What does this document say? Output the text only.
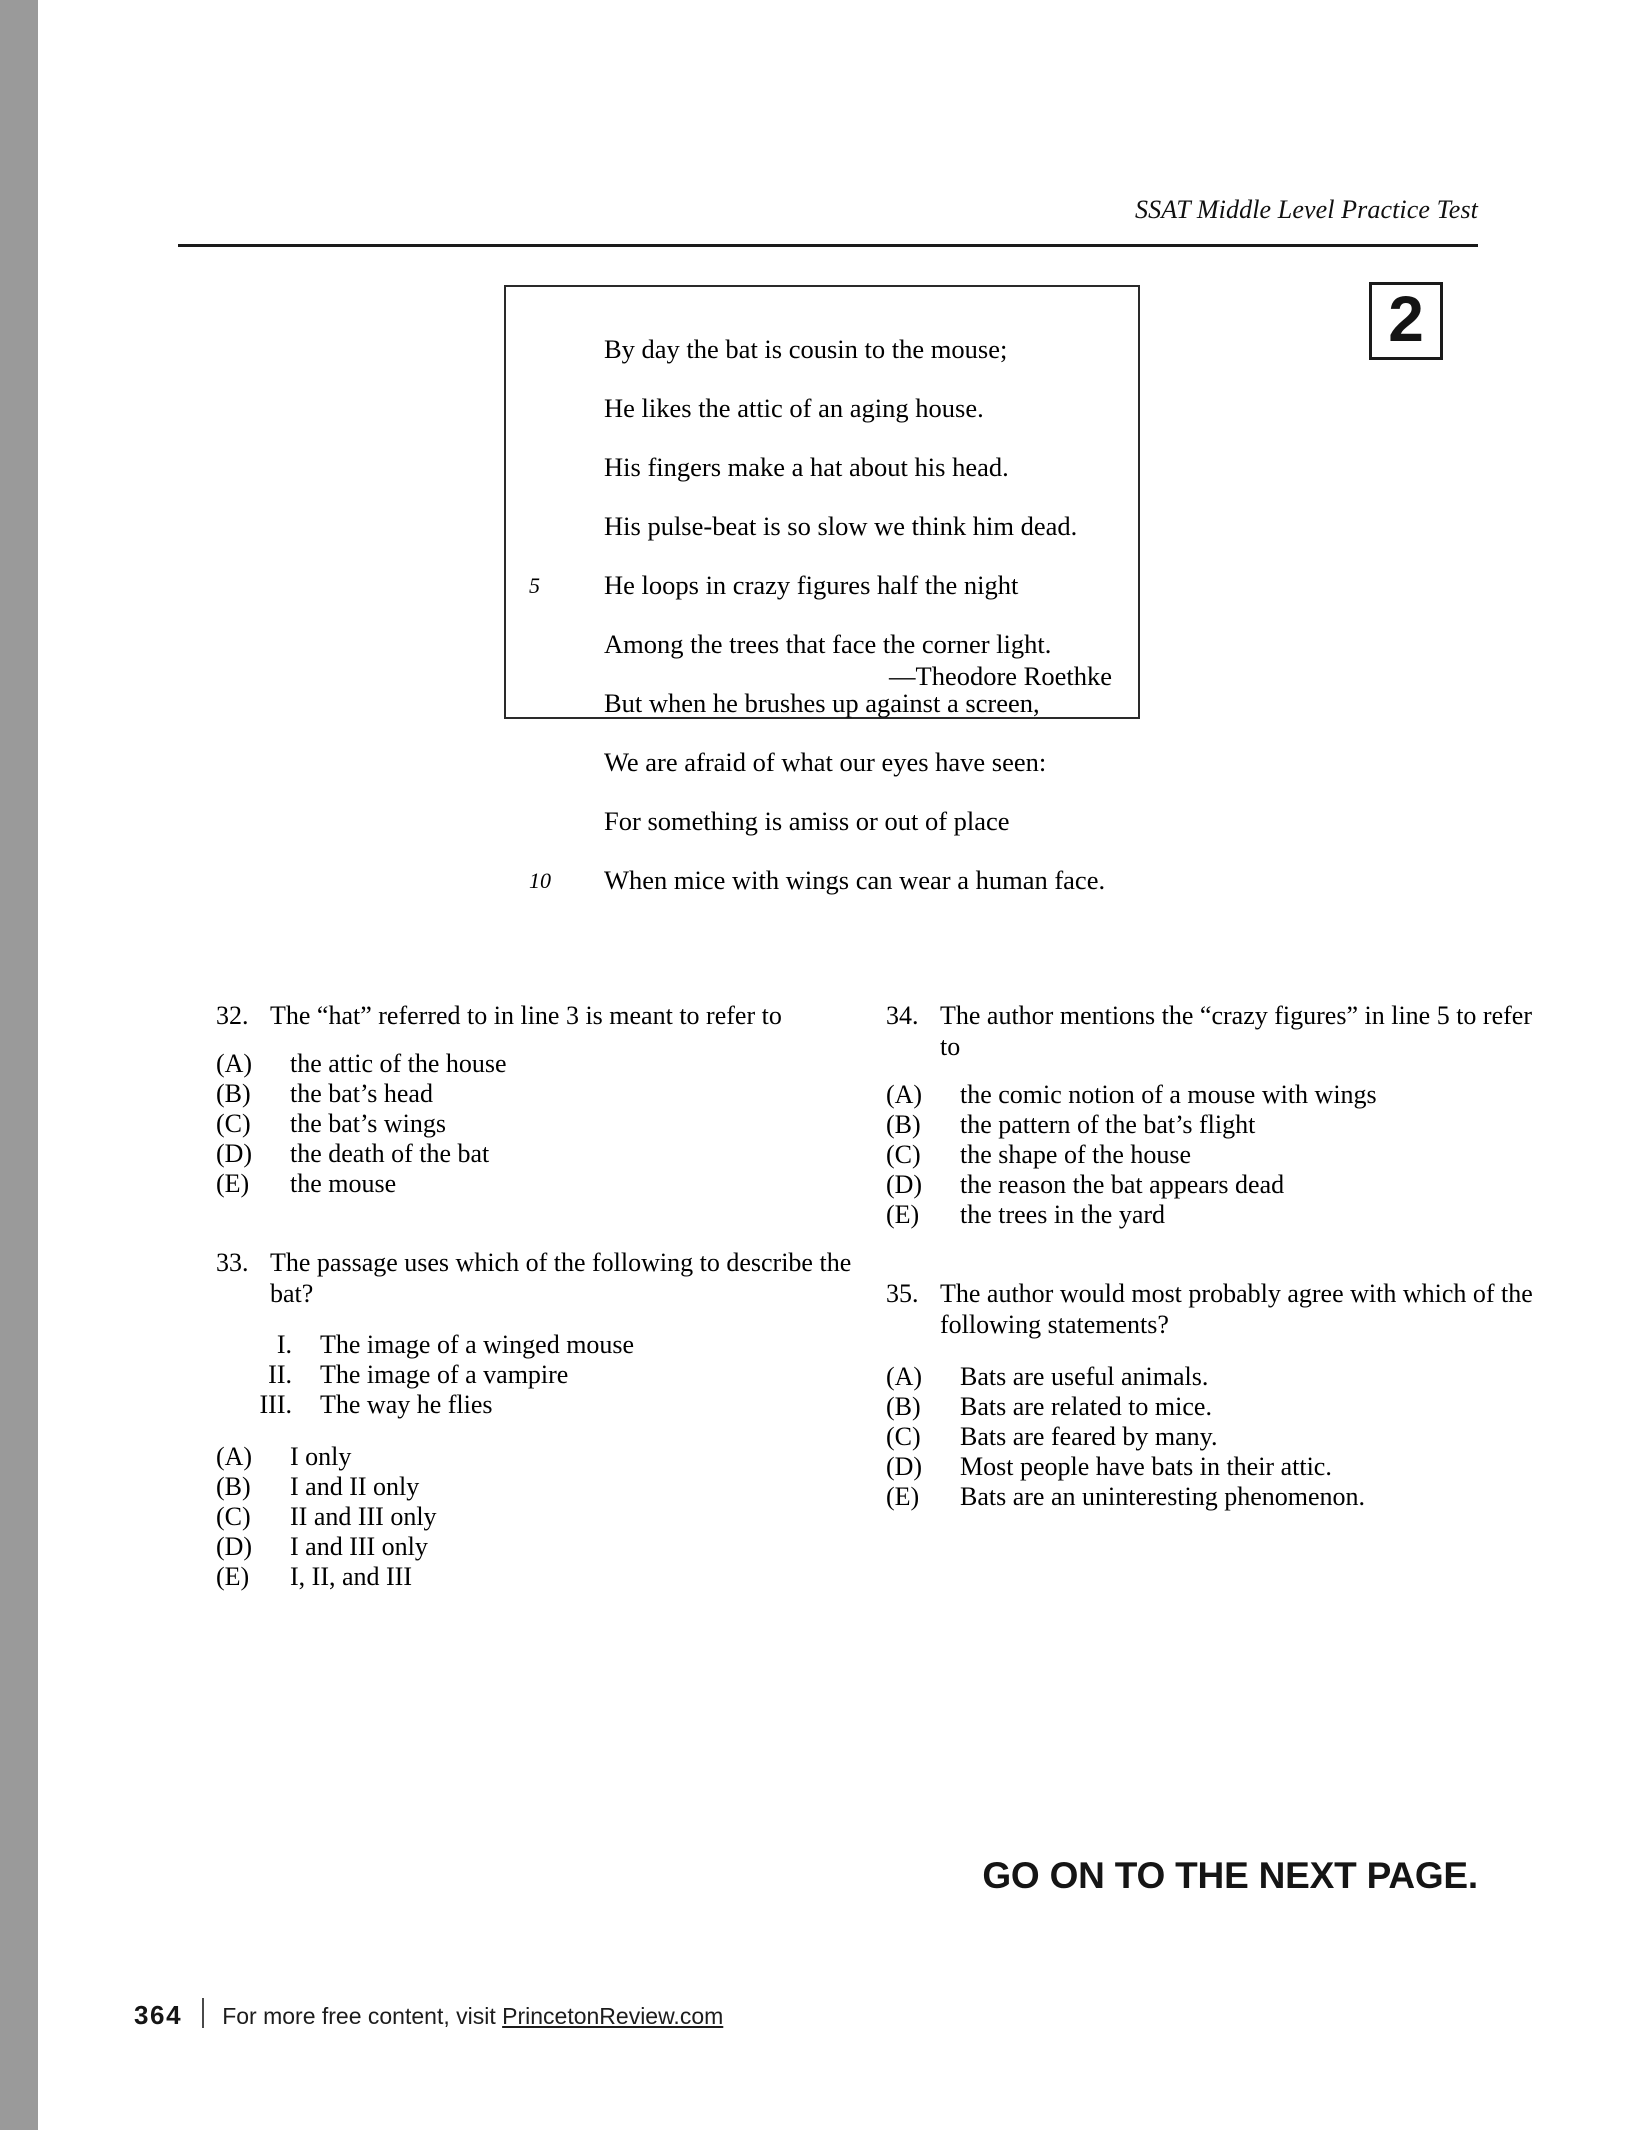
SSAT Middle Level Practice Test
2
By day the bat is cousin to the mouse;
He likes the attic of an aging house.
His fingers make a hat about his head.
His pulse-beat is so slow we think him dead.
5	He loops in crazy figures half the night
Among the trees that face the corner light.
But when he brushes up against a screen,
We are afraid of what our eyes have seen:
For something is amiss or out of place
10	When mice with wings can wear a human face.
—Theodore Roethke
32. The “hat” referred to in line 3 is meant to refer to
(A)	the attic of the house
(B)	the bat’s head
(C)	the bat’s wings
(D)	the death of the bat
(E)	the mouse
33. The passage uses which of the following to describe the bat?
I. The image of a winged mouse
II. The image of a vampire
III. The way he flies
(A)	I only
(B)	I and II only
(C)	II and III only
(D)	I and III only
(E)	I, II, and III
34. The author mentions the “crazy figures” in line 5 to refer to
(A)	the comic notion of a mouse with wings
(B)	the pattern of the bat’s flight
(C)	the shape of the house
(D)	the reason the bat appears dead
(E)	the trees in the yard
35. The author would most probably agree with which of the following statements?
(A)	Bats are useful animals.
(B)	Bats are related to mice.
(C)	Bats are feared by many.
(D)	Most people have bats in their attic.
(E)	Bats are an uninteresting phenomenon.
GO ON TO THE NEXT PAGE.
364 For more free content, visit PrincetonReview.com
